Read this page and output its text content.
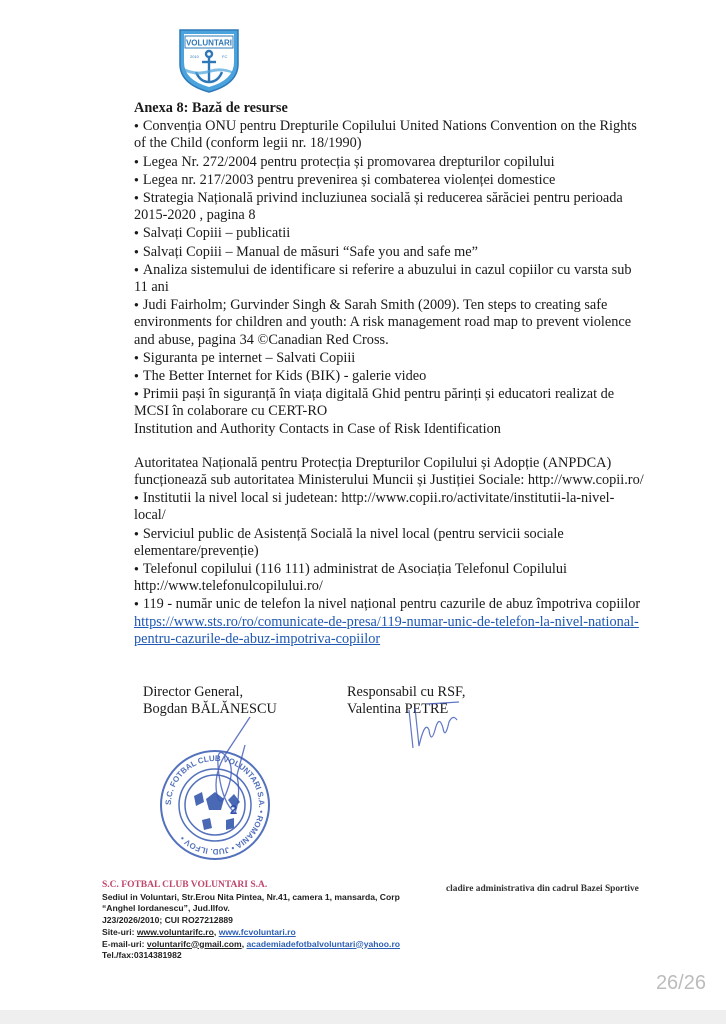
VOLUNTARI
2010	FC

Anexa 8: Bază de resurse

● Convenția ONU pentru Drepturile Copilului United Nations Convention on the Rights of the Child (conform legii nr. 18/1990)

● Legea Nr. 272/2004 pentru protecția și promovarea drepturilor copilului

● Legea nr. 217/2003 pentru prevenirea și combaterea violenței domestice

● Strategia Națională privind incluziunea socială și reducerea sărăciei pentru perioada 2015-2020 , pagina 8

● Salvați Copiii – publicatii

● Salvați Copiii – Manual de măsuri “Safe you and safe me”

● Analiza sistemului de identificare si referire a abuzului in cazul copiilor cu varsta sub 11 ani

● Judi Fairholm; Gurvinder Singh & Sarah Smith (2009). Ten steps to creating safe environments for children and youth: A risk management road map to prevent violence and abuse, pagina 34 ©Canadian Red Cross.

● Siguranta pe internet – Salvati Copiii

● The Better Internet for Kids (BIK) - galerie video

● Primii pași în siguranță în viața digitală Ghid pentru părinți și educatori realizat de MCSI în colaborare cu CERT-RO

Institution and Authority Contacts in Case of Risk Identification

Autoritatea Națională pentru Protecția Drepturilor Copilului și Adopție (ANPDCA) funcționează sub autoritatea Ministerului Muncii și Justiției Sociale: http://www.copii.ro/

● Institutii la nivel local si judetean: http://www.copii.ro/activitate/institutii-la-nivel-local/

● Serviciul public de Asistență Socială la nivel local (pentru servicii sociale elementare/prevenție)

● Telefonul copilului (116 111) administrat de Asociația Telefonul Copilului http://www.telefonulcopilului.ro/

● 119 - număr unic de telefon la nivel național pentru cazurile de abuz împotriva copiilor https://www.sts.ro/ro/comunicate-de-presa/119-numar-unic-de-telefon-la-nivel-national-pentru-cazurile-de-abuz-impotriva-copiilor

Director General,
Bogdan BĂLĂNESCU
Responsabil cu RSF,
Valentina PETRE
S.C. FOTBAL CLUB VOLUNTARI S.A. • ROMANIA • JUD. ILFOV •
2
S.C. FOTBAL CLUB VOLUNTARI S.A.
Sediul in Voluntari, Str.Erou Nita Pintea, Nr.41, camera 1, mansarda, Corp
“Anghel Iordanescu”, Jud.Ilfov.
J23/2026/2010; CUI RO27212889
Site-uri: www.voluntarifc.ro, www.fcvoluntari.ro
E-mail-uri: voluntarifc@gmail.com, academiadefotbalvoluntari@yahoo.ro
Tel./fax:0314381982
cladire administrativa din cadrul Bazei Sportive
26/26
